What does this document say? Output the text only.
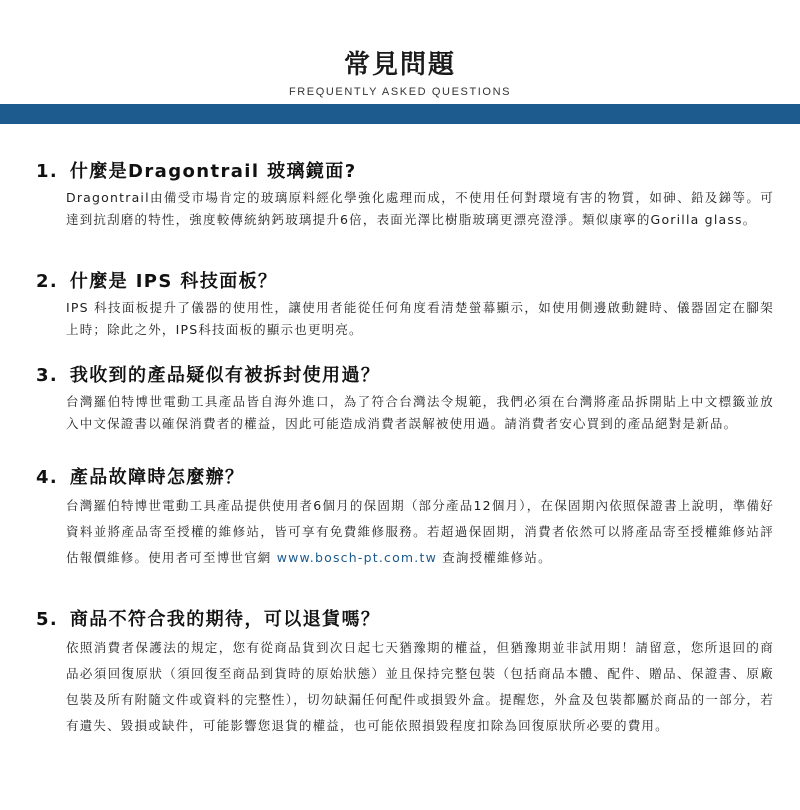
常見問題
FREQUENTLY ASKED QUESTIONS

1. 什麼是Dragontrail 玻璃鏡面?

Dragontrail由備受市場肯定的玻璃原料經化學強化處理而成，不使用任何對環境有害的物質，如砷、鉛及銻等。可達到抗刮磨的特性，強度較傳統納鈣玻璃提升6倍，表面光澤比樹脂玻璃更漂亮澄淨。類似康寧的Gorilla glass。

2. 什麼是 IPS 科技面板？

IPS 科技面板提升了儀器的使用性，讓使用者能從任何角度看清楚螢幕顯示，如使用側邊啟動鍵時、儀器固定在腳架上時；除此之外，IPS科技面板的顯示也更明亮。

3. 我收到的產品疑似有被拆封使用過？

台灣羅伯特博世電動工具產品皆自海外進口，為了符合台灣法令規範，我們必須在台灣將產品拆開貼上中文標籤並放入中文保證書以確保消費者的權益，因此可能造成消費者誤解被使用過。請消費者安心買到的產品絕對是新品。

4. 產品故障時怎麼辦？

台灣羅伯特博世電動工具產品提供使用者6個月的保固期（部分產品12個月），在保固期內依照保證書上說明，準備好資料並將產品寄至授權的維修站，皆可享有免費維修服務。若超過保固期，消費者依然可以將產品寄至授權維修站評估報價維修。使用者可至博世官網 www.bosch-pt.com.tw 查詢授權維修站。

5. 商品不符合我的期待，可以退貨嗎？

依照消費者保護法的規定，您有從商品貨到次日起七天猶豫期的權益，但猶豫期並非試用期！請留意，您所退回的商品必須回復原狀（須回復至商品到貨時的原始狀態）並且保持完整包裝（包括商品本體、配件、贈品、保證書、原廠包裝及所有附隨文件或資料的完整性），切勿缺漏任何配件或損毀外盒。提醒您，外盒及包裝都屬於商品的一部分，若有遺失、毀損或缺件，可能影響您退貨的權益，也可能依照損毀程度扣除為回復原狀所必要的費用。
